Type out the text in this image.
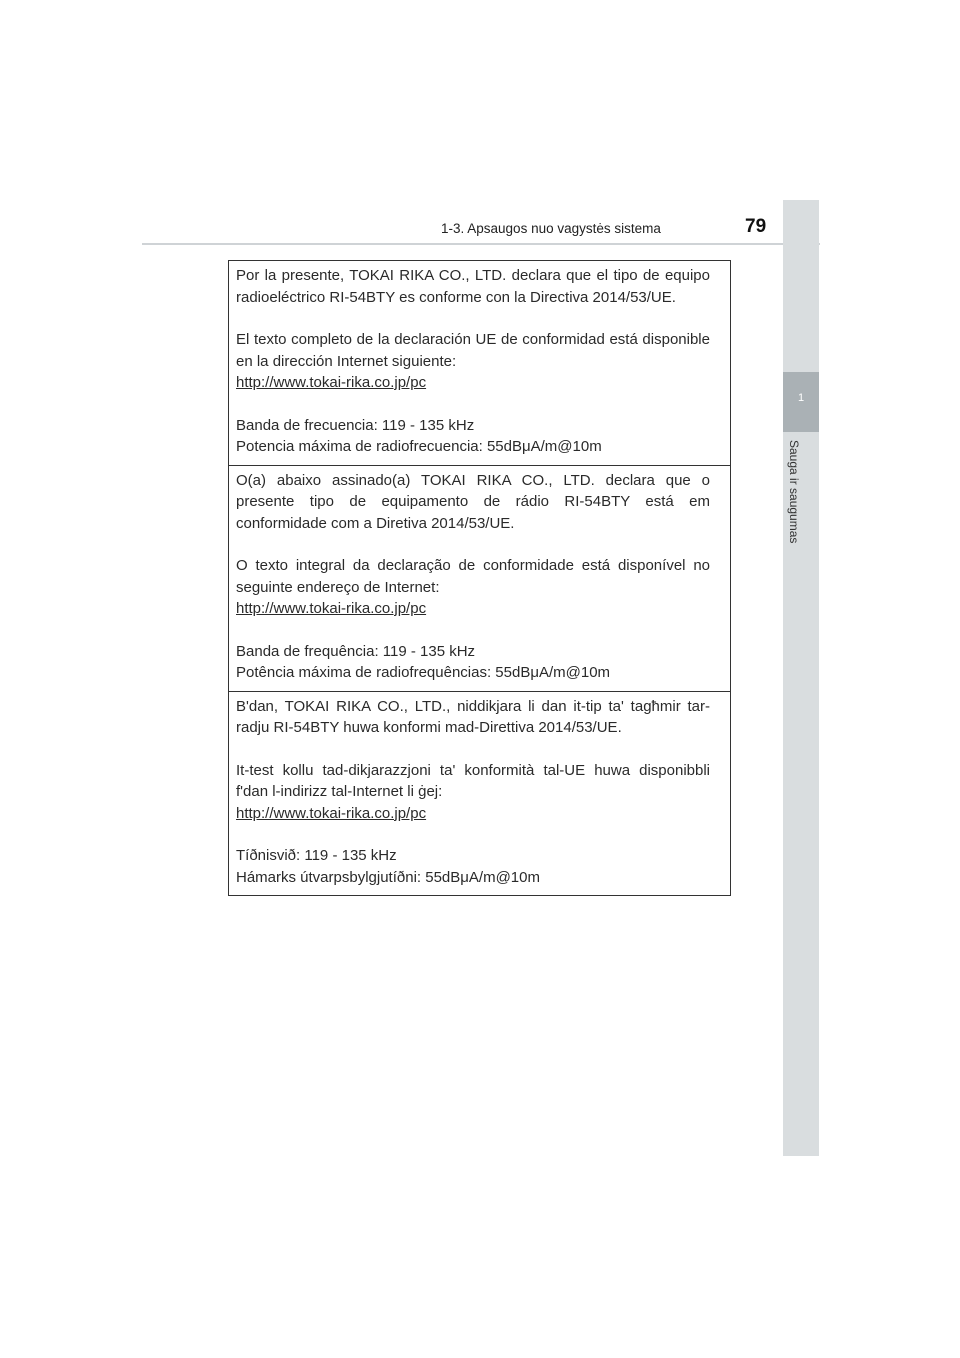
1-3. Apsaugos nuo vagystės sistema	79
1
Sauga ir saugumas

Por la presente, TOKAI RIKA CO., LTD. declara que el tipo de equipo radioeléctrico RI-54BTY es conforme con la Directiva 2014/53/UE.

El texto completo de la declaración UE de conformidad está disponible en la dirección Internet siguiente:

http://www.tokai-rika.co.jp/pc

Banda de frecuencia: 119 - 135 kHz

Potencia máxima de radiofrecuencia: 55dBμA/m@10m

O(a) abaixo assinado(a) TOKAI RIKA CO., LTD. declara que o presente tipo de equipamento de rádio RI-54BTY está em conformidade com a Diretiva 2014/53/UE.

O texto integral da declaração de conformidade está disponível no seguinte endereço de Internet:

http://www.tokai-rika.co.jp/pc

Banda de frequência: 119 - 135 kHz

Potência máxima de radiofrequências: 55dBμA/m@10m

B'dan, TOKAI RIKA CO., LTD., niddikjara li dan it-tip ta' tagħmir tar-radju RI-54BTY huwa konformi mad-Direttiva 2014/53/UE.

It-test kollu tad-dikjarazzjoni ta' konformità tal-UE huwa disponibbli f'dan l-indirizz tal-Internet li ġej:

http://www.tokai-rika.co.jp/pc

Tíðnisvið: 119 - 135 kHz

Hámarks útvarpsbylgjutíðni: 55dBμA/m@10m
